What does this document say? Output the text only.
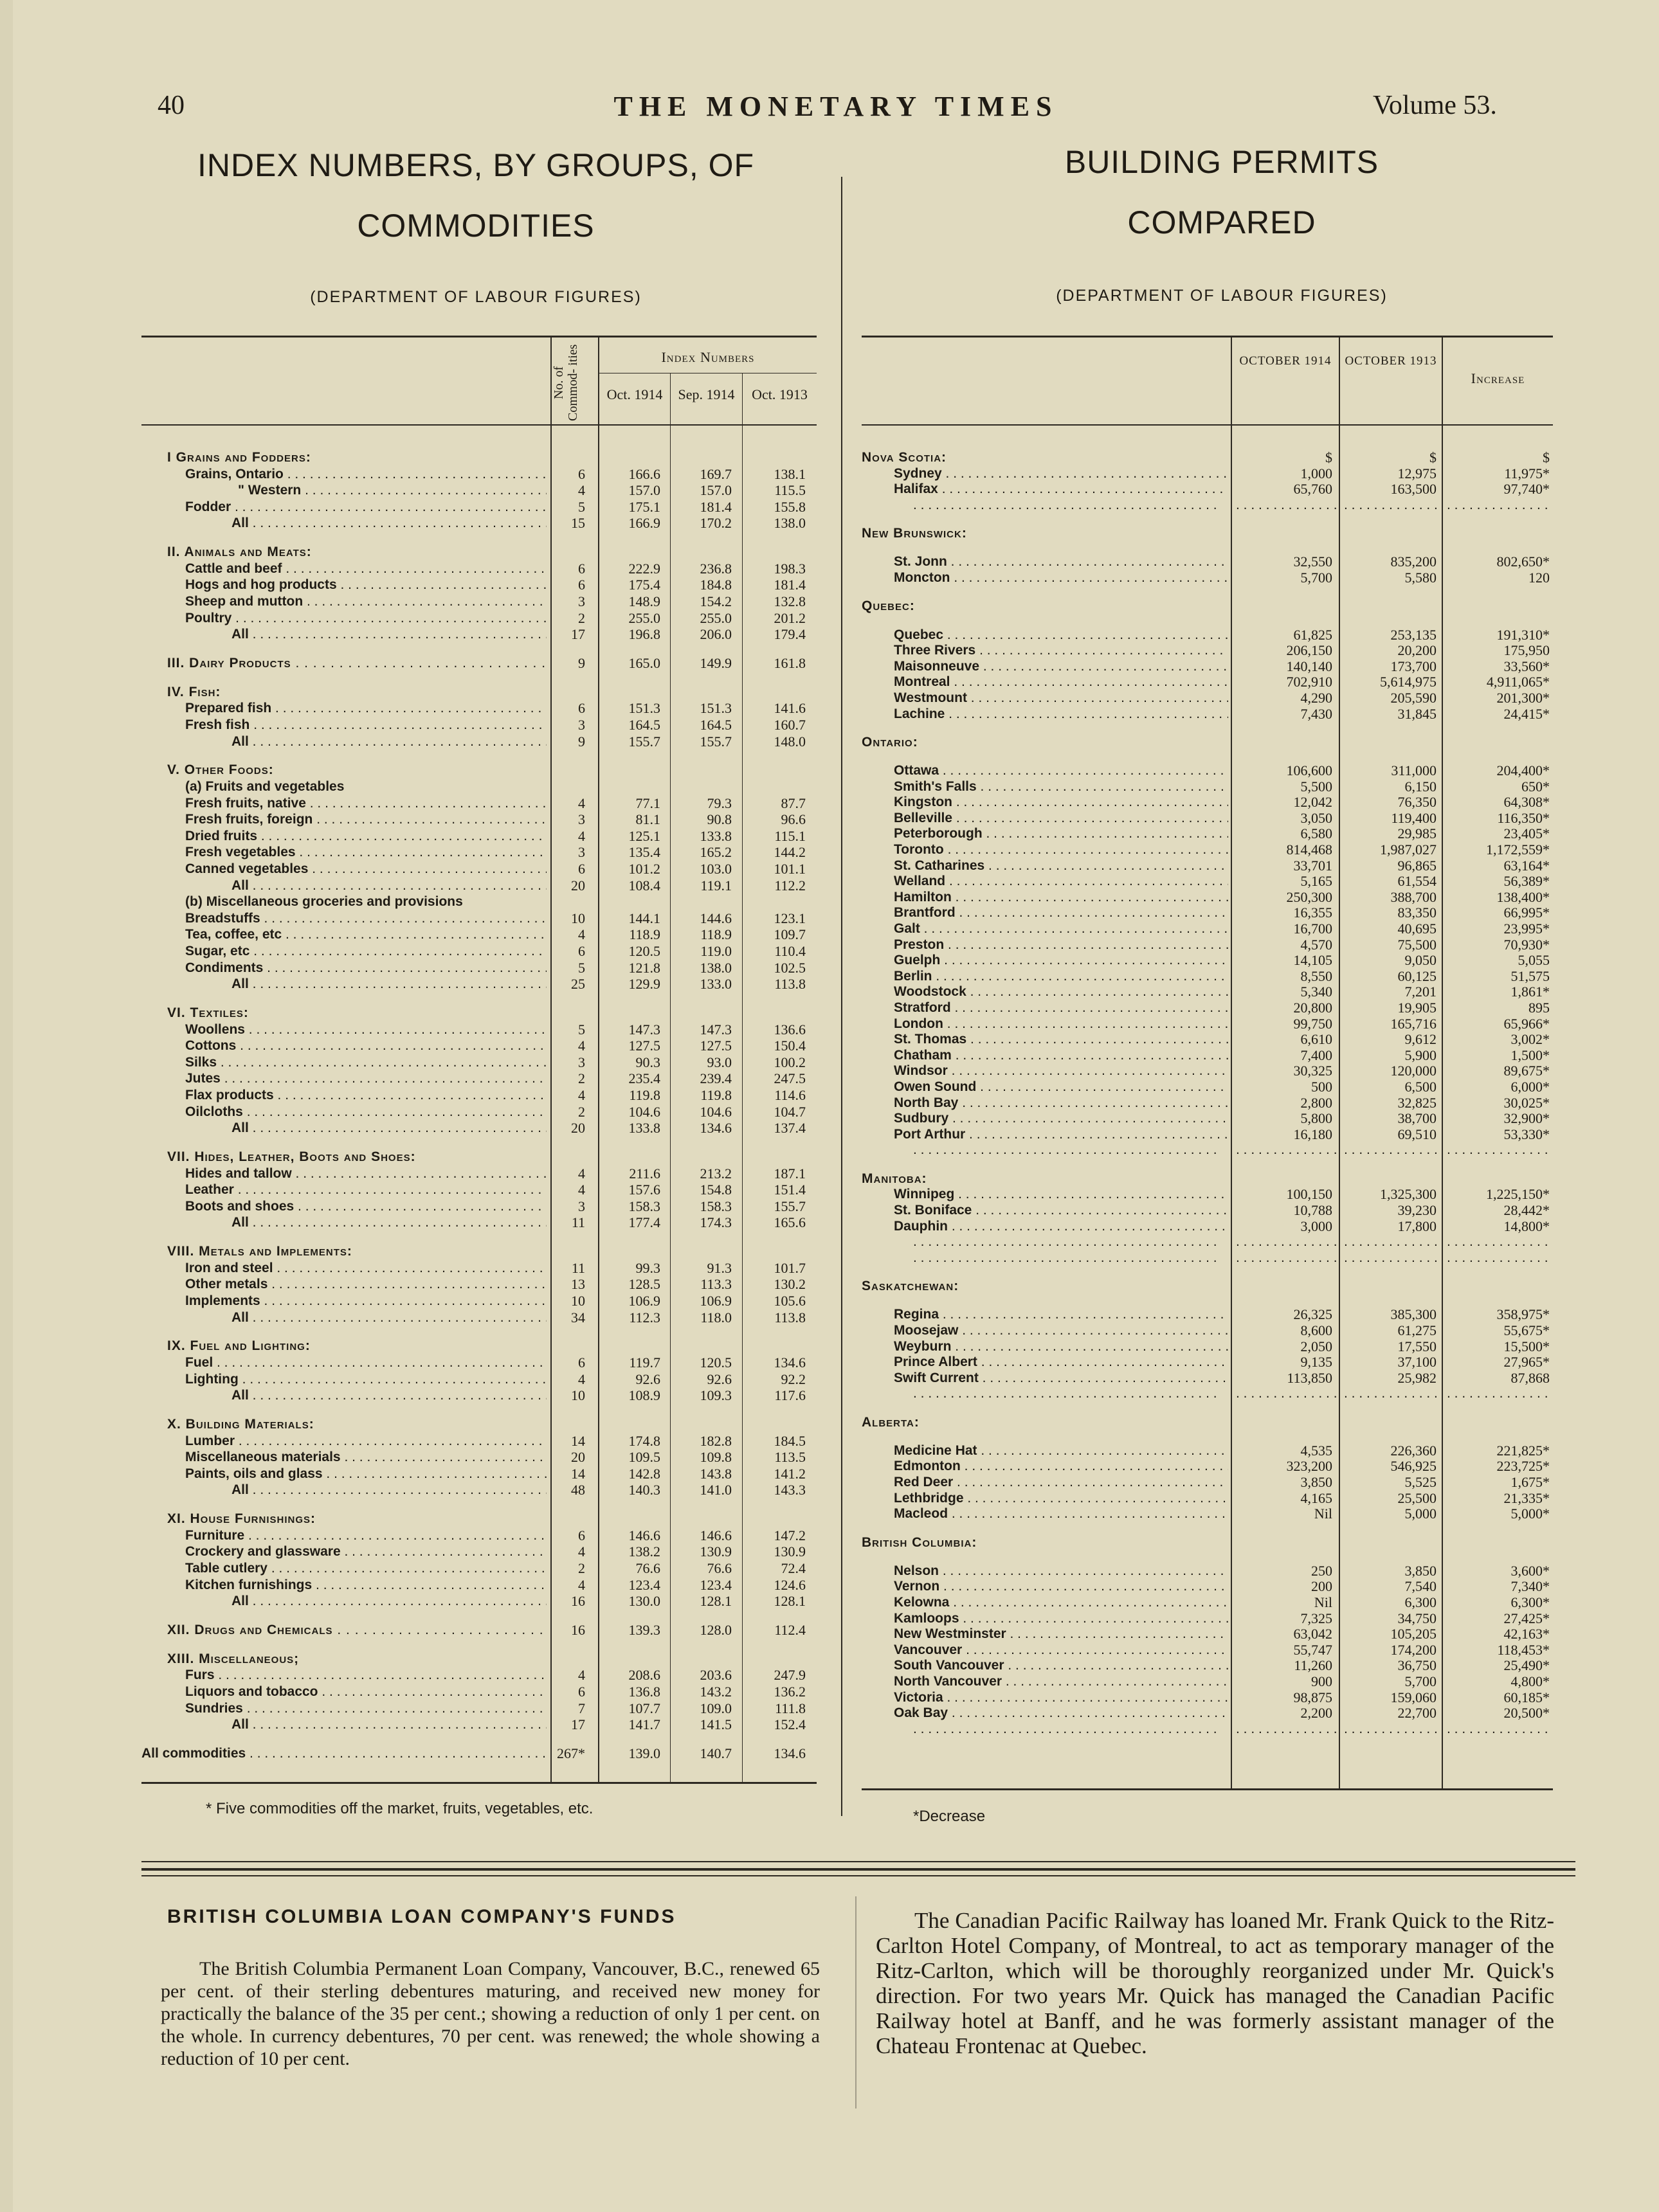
40	THE MONETARY TIMES	Volume 53.
INDEX NUMBERS, BY GROUPS, OF
COMMODITIES
(DEPARTMENT OF LABOUR FIGURES)
No. of Commod- ities	Index Numbers
Oct. 1914	Sep. 1914	Oct. 1913
I Grains and Fodders:
Grains, Ontario . . .	6	166.6	169.7	138.1
" Western . . .	4	157.0	157.0	115.5
Fodder . . .	5	175.1	181.4	155.8
All . . .	15	166.9	170.2	138.0
II. Animals and Meats:
Cattle and beef . . .	6	222.9	236.8	198.3
Hogs and hog products . . .	6	175.4	184.8	181.4
Sheep and mutton . . .	3	148.9	154.2	132.8
Poultry . . .	2	255.0	255.0	201.2
All . . .	17	196.8	206.0	179.4
III. Dairy Products . . .	9	165.0	149.9	161.8
IV. Fish:
Prepared fish . . .	6	151.3	151.3	141.6
Fresh fish . . .	3	164.5	164.5	160.7
All . . .	9	155.7	155.7	148.0
V. Other Foods:
(a) Fruits and vegetables
Fresh fruits, native . . .	4	77.1	79.3	87.7
Fresh fruits, foreign . . .	3	81.1	90.8	96.6
Dried fruits . . .	4	125.1	133.8	115.1
Fresh vegetables . . .	3	135.4	165.2	144.2
Canned vegetables . . .	6	101.2	103.0	101.1
All . . .	20	108.4	119.1	112.2
(b) Miscellaneous groceries and provisions
Breadstuffs . . .	10	144.1	144.6	123.1
Tea, coffee, etc . . .	4	118.9	118.9	109.7
Sugar, etc . . .	6	120.5	119.0	110.4
Condiments . . .	5	121.8	138.0	102.5
All . . .	25	129.9	133.0	113.8
VI. Textiles:
Woollens . . .	5	147.3	147.3	136.6
Cottons . . .	4	127.5	127.5	150.4
Silks . . .	3	90.3	93.0	100.2
Jutes . . .	2	235.4	239.4	247.5
Flax products . . .	4	119.8	119.8	114.6
Oilcloths . . .	2	104.6	104.6	104.7
All . . .	20	133.8	134.6	137.4
VII. Hides, Leather, Boots and Shoes:
Hides and tallow . . .	4	211.6	213.2	187.1
Leather . . .	4	157.6	154.8	151.4
Boots and shoes . . .	3	158.3	158.3	155.7
All . . .	11	177.4	174.3	165.6
VIII. Metals and Implements:
Iron and steel . . .	11	99.3	91.3	101.7
Other metals . . .	13	128.5	113.3	130.2
Implements . . .	10	106.9	106.9	105.6
All . . .	34	112.3	118.0	113.8
IX. Fuel and Lighting:
Fuel . . .	6	119.7	120.5	134.6
Lighting . . .	4	92.6	92.6	92.2
All . . .	10	108.9	109.3	117.6
X. Building Materials:
Lumber . . .	14	174.8	182.8	184.5
Miscellaneous materials . . .	20	109.5	109.8	113.5
Paints, oils and glass . . .	14	142.8	143.8	141.2
All . . .	48	140.3	141.0	143.3
XI. House Furnishings:
Furniture . . .	6	146.6	146.6	147.2
Crockery and glassware . . .	4	138.2	130.9	130.9
Table cutlery . . .	2	76.6	76.6	72.4
Kitchen furnishings . . .	4	123.4	123.4	124.6
All . . .	16	130.0	128.1	128.1
XII. Drugs and Chemicals . . .	16	139.3	128.0	112.4
XIII. Miscellaneous;
Furs . . .	4	208.6	203.6	247.9
Liquors and tobacco . . .	6	136.8	143.2	136.2
Sundries . . .	7	107.7	109.0	111.8
All . . .	17	141.7	141.5	152.4
All commodities . . .	267*	139.0	140.7	134.6
* Five commodities off the market, fruits, vegetables, etc.
BUILDING PERMITS
COMPARED
(DEPARTMENT OF LABOUR FIGURES)
OCTOBER 1914	OCTOBER 1913
Increase
Nova Scotia:	$	$	$
Sydney . . .	1,000	12,975	11,975*
Halifax . . .	65,760	163,500	97,740*
. . .
. . .
. . .
. . .
New Brunswick:
St. Jonn . . .	32,550	835,200	802,650*
Moncton . . .	5,700	5,580	120
Quebec:
Quebec . . .	61,825	253,135	191,310*
Three Rivers . . .	206,150	20,200	175,950
Maisonneuve . . .	140,140	173,700	33,560*
Montreal . . .	702,910	5,614,975	4,911,065*
Westmount . . .	4,290	205,590	201,300*
Lachine . . .	7,430	31,845	24,415*
Ontario:
Ottawa . . .	106,600	311,000	204,400*
Smith's Falls . . .	5,500	6,150	650*
Kingston . . .	12,042	76,350	64,308*
Belleville . . .	3,050	119,400	116,350*
Peterborough . . .	6,580	29,985	23,405*
Toronto . . .	814,468	1,987,027	1,172,559*
St. Catharines . . .	33,701	96,865	63,164*
Welland . . .	5,165	61,554	56,389*
Hamilton . . .	250,300	388,700	138,400*
Brantford . . .	16,355	83,350	66,995*
Galt . . .	16,700	40,695	23,995*
Preston . . .	4,570	75,500	70,930*
Guelph . . .	14,105	9,050	5,055
Berlin . . .	8,550	60,125	51,575
Woodstock . . .	5,340	7,201	1,861*
Stratford . . .	20,800	19,905	895
London . . .	99,750	165,716	65,966*
St. Thomas . . .	6,610	9,612	3,002*
Chatham . . .	7,400	5,900	1,500*
Windsor . . .	30,325	120,000	89,675*
Owen Sound . . .	500	6,500	6,000*
North Bay . . .	2,800	32,825	30,025*
Sudbury . . .	5,800	38,700	32,900*
Port Arthur . . .	16,180	69,510	53,330*
. . .
. . .
. . .
. . .
Manitoba:
Winnipeg . . .	100,150	1,325,300	1,225,150*
St. Boniface . . .	10,788	39,230	28,442*
Dauphin . . .	3,000	17,800	14,800*
. . .
. . .
. . .
. . .
. . .
. . .
. . .
. . .
Saskatchewan:
Regina . . .	26,325	385,300	358,975*
Moosejaw . . .	8,600	61,275	55,675*
Weyburn . . .	2,050	17,550	15,500*
Prince Albert . . .	9,135	37,100	27,965*
Swift Current . . .	113,850	25,982	87,868
. . .
. . .
. . .
. . .
Alberta:
Medicine Hat . . .	4,535	226,360	221,825*
Edmonton . . .	323,200	546,925	223,725*
Red Deer . . .	3,850	5,525	1,675*
Lethbridge . . .	4,165	25,500	21,335*
Macleod . . .	Nil	5,000	5,000*
British Columbia:
Nelson . . .	250	3,850	3,600*
Vernon . . .	200	7,540	7,340*
Kelowna . . .	Nil	6,300	6,300*
Kamloops . . .	7,325	34,750	27,425*
New Westminster . . .	63,042	105,205	42,163*
Vancouver . . .	55,747	174,200	118,453*
South Vancouver . . .	11,260	36,750	25,490*
North Vancouver . . .	900	5,700	4,800*
Victoria . . .	98,875	159,060	60,185*
Oak Bay . . .	2,200	22,700	20,500*
. . .
. . .
. . .
. . .
*Decrease
BRITISH COLUMBIA LOAN COMPANY'S FUNDS
The British Columbia Permanent Loan Company, Vancouver, B.C., renewed 65 per cent. of their sterling debentures maturing, and received new money for practically the balance of the 35 per cent.; showing a reduction of only 1 per cent. on the whole. In currency debentures, 70 per cent. was renewed; the whole showing a reduction of 10 per cent.
The Canadian Pacific Railway has loaned Mr. Frank Quick to the Ritz-Carlton Hotel Company, of Montreal, to act as temporary manager of the Ritz-Carlton, which will be thoroughly reorganized under Mr. Quick's direction. For two years Mr. Quick has managed the Canadian Pacific Railway hotel at Banff, and he was formerly assistant manager of the Chateau Frontenac at Quebec.
